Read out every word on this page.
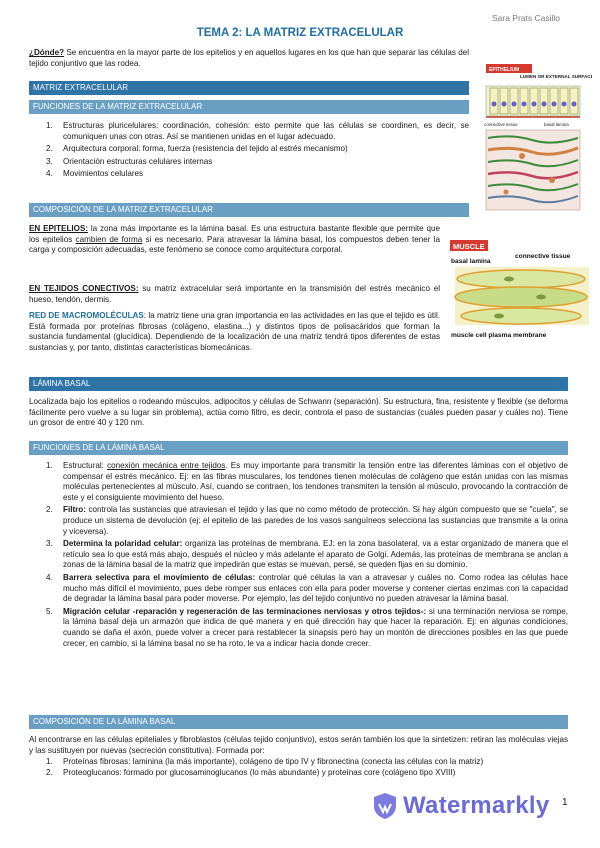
Sara Prats Casillo
TEMA 2: LA MATRIZ EXTRACELULAR

¿Dónde? Se encuentra en la mayor parte de los epitelios y en aquellos lugares en los que han que separar las células del tejido conjuntivo que las rodea.

MATRIZ EXTRACELULAR
FUNCIONES DE LA MATRIZ EXTRACELULAR
1. Estructuras pluricelulares: coordinación, cohesión: esto permite que las células se coordinen, es decir, se comuniquen unas con otras. Así se mantienen unidas en el lugar adecuado.
2. Arquitectura corporal: forma, fuerza (resistencia del tejido al estrés mecanismo)
3. Orientación estructuras celulares internas
4. Movimientos celulares
COMPOSICIÓN DE LA MATRIZ EXTRACELULAR

EN EPITELIOS: la zona más importante es la lámina basal. Es una estructura bastante flexible que permite que los epitelios cambien de forma si es necesario. Para atravesar la lámina basal, los compuestos deben tener la carga y composición adecuadas, este fenómeno se conoce como arquitectura corporal.

EN TEJIDOS CONECTIVOS: su matriz extracelular será importante en la transmisión del estrés mecánico el hueso, tendón, dermis.

RED DE MACROMOLÉCULAS: la matriz tiene una gran importancia en las actividades en las que el tejido es útil. Está formada por proteínas fibrosas (colágeno, elastina...) y distintos tipos de polisacáridos que forman la sustancia fundamental (glucídica). Dependiendo de la localización de una matriz tendrá tipos diferentes de estas sustancias y, por tanto, distintas características biomecánicas.

LÁMINA BASAL

Localizada bajo los epitelios o rodeando músculos, adipocitos y células de Schwann (separación). Su estructura, fina, resistente y flexible (se deforma fácilmente pero vuelve a su lugar sin problema), actúa como filtro, es decir, controla el paso de sustancias (cuáles pueden pasar y cuáles no). Tiene un grosor de entre 40 y 120 nm.

FUNCIONES DE LA LÁMINA BASAL
1. Estructural: conexión mecánica entre tejidos. Es muy importante para transmitir la tensión entre las diferentes láminas con el objetivo de compensar el estrés mecánico. Ej: en las fibras musculares, los tendones tienen moléculas de colágeno que están unidas con las mismas moléculas pertenecientes al músculo. Así, cuando se contraen, los tendones transmiten la tensión al músculo, provocando la contracción de este y el consiguiente movimiento del hueso.
2. Filtro: controla las sustancias que atraviesan el tejido y las que no como método de protección. Si hay algún compuesto que se "cuela", se produce un sistema de devolución (ej: el epitelio de las paredes de los vasos sanguíneos selecciona las sustancias que transmite a la orina y viceversa).
3. Determina la polaridad celular: organiza las proteínas de membrana. EJ: en la zona basolateral, va a estar organizado de manera que el retículo sea lo que está más abajo, después el núcleo y más adelante el aparato de Golgi. Además, las proteínas de membrana se anclan a zonas de la lámina basal de la matriz que impedirán que estas se muevan, persé, se queden fijas en su dominio.
4. Barrera selectiva para el movimiento de células: controlar qué células la van a atravesar y cuáles no. Como rodea las células hace mucho más difícil el movimiento, pues debe romper sus enlaces con ella para poder moverse y contener ciertas enzimas con la capacidad de degradar la lámina basal para poder moverse. Por ejemplo, las del tejido conjuntivo no pueden atravesar la lámina basal.
5. Migración celular -reparación y regeneración de las terminaciones nerviosas y otros tejidos-: si una terminación nerviosa se rompe, la lámina basal deja un armazón que indica de qué manera y en qué dirección hay que hacer la reparación. Ej: en algunas condiciones, cuando se daña el axón, puede volver a crecer para restablecer la sinapsis pero hay un montón de direcciones posibles en las que puede crecer, en cambio, si la lámina basal no se ha roto, le va a indicar hacia donde crecer.
COMPOSICIÓN DE LA LÁMINA BASAL

Al encontrarse en las células epiteliales y fibroblastos (células tejido conjuntivo), estos serán también los que la sintetizen: retiran las moléculas viejas y las sustituyen por nuevas (secreción constitutiva). Formada por:

1. Proteínas fibrosas: laminina (la más importante), colágeno de tipo IV y fibronectina (conecta las células con la matriz)
2. Proteoglucanos: formado por glucosaminoglucanos (lo más abundante) y proteínas core (colágeno tipo XVIII)
EPITHELIUM
LUMEN OR EXTERNAL SURFACE
connective tissue	basal lamina
MUSCLE
connective tissue
basal lamina
muscle cell plasma membrane
Watermarkly 1
